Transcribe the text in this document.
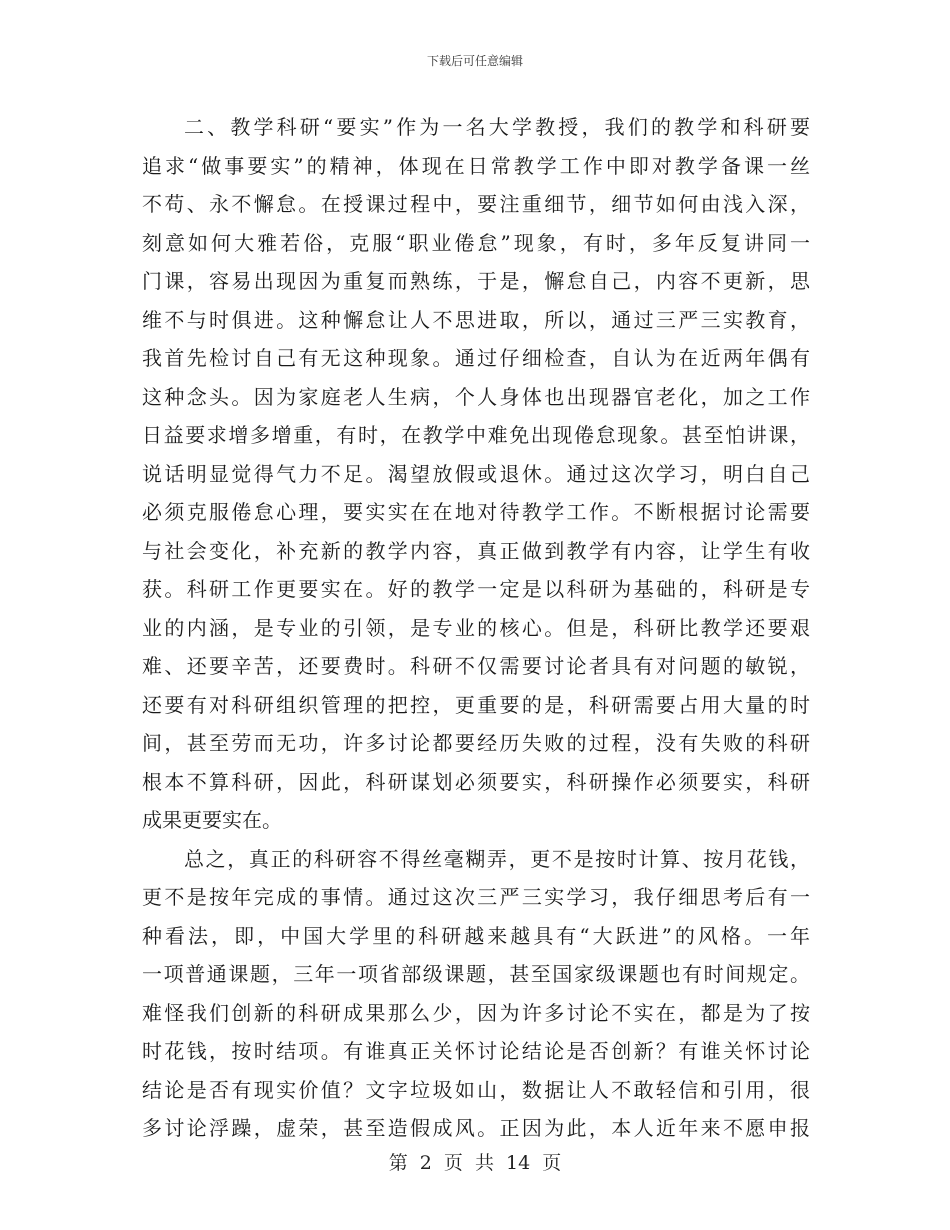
下载后可任意编辑
二、教学科研“要实”作为一名大学教授，我们的教学和科研要
追求“做事要实”的精神，体现在日常教学工作中即对教学备课一丝
不苟、永不懈怠。在授课过程中，要注重细节，细节如何由浅入深，
刻意如何大雅若俗，克服“职业倦怠”现象，有时，多年反复讲同一
门课，容易出现因为重复而熟练，于是，懈怠自己，内容不更新，思
维不与时俱进。这种懈怠让人不思进取，所以，通过三严三实教育，
我首先检讨自己有无这种现象。通过仔细检查，自认为在近两年偶有
这种念头。因为家庭老人生病，个人身体也出现器官老化，加之工作
日益要求增多增重，有时，在教学中难免出现倦怠现象。甚至怕讲课，
说话明显觉得气力不足。渴望放假或退休。通过这次学习，明白自己
必须克服倦怠心理，要实实在在地对待教学工作。不断根据讨论需要
与社会变化，补充新的教学内容，真正做到教学有内容，让学生有收
获。科研工作更要实在。好的教学一定是以科研为基础的，科研是专
业的内涵，是专业的引领，是专业的核心。但是，科研比教学还要艰
难、还要辛苦，还要费时。科研不仅需要讨论者具有对问题的敏锐，
还要有对科研组织管理的把控，更重要的是，科研需要占用大量的时
间，甚至劳而无功，许多讨论都要经历失败的过程，没有失败的科研
根本不算科研，因此，科研谋划必须要实，科研操作必须要实，科研
成果更要实在。
总之，真正的科研容不得丝毫糊弄，更不是按时计算、按月花钱，
更不是按年完成的事情。通过这次三严三实学习，我仔细思考后有一
种看法，即，中国大学里的科研越来越具有“大跃进”的风格。一年
一项普通课题，三年一项省部级课题，甚至国家级课题也有时间规定。
难怪我们创新的科研成果那么少，因为许多讨论不实在，都是为了按
时花钱，按时结项。有谁真正关怀讨论结论是否创新？有谁关怀讨论
结论是否有现实价值？文字垃圾如山，数据让人不敢轻信和引用，很
多讨论浮躁，虚荣，甚至造假成风。正因为此，本人近年来不愿申报
第 2 页 共 14 页
